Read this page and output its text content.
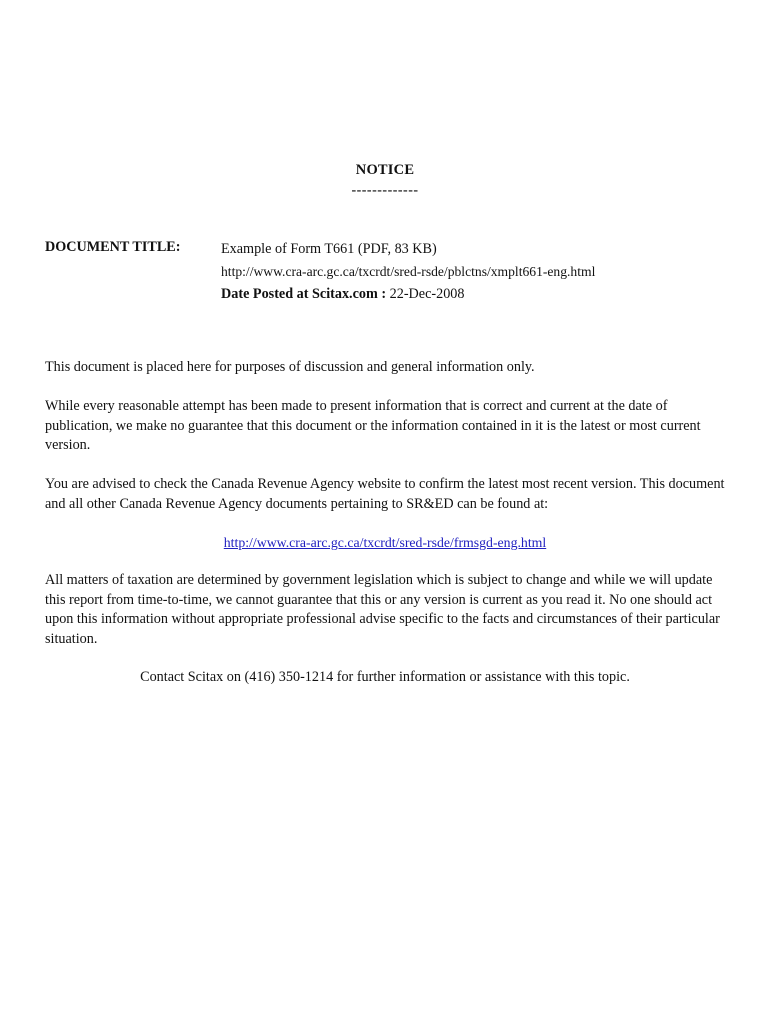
NOTICE
-------------
DOCUMENT TITLE:	Example of Form T661 (PDF, 83 KB)
http://www.cra-arc.gc.ca/txcrdt/sred-rsde/pblctns/xmplt661-eng.html
Date Posted at Scitax.com : 22-Dec-2008

This document is placed here for purposes of discussion and general information only.

While every reasonable attempt has been made to present information that is correct and current at the date of publication, we make no guarantee that this document or the information contained in it is the latest or most current version.

You are advised to check the Canada Revenue Agency website to confirm the latest most recent version. This document and all other Canada Revenue Agency documents pertaining to SR&ED can be found at:

http://www.cra-arc.gc.ca/txcrdt/sred-rsde/frmsgd-eng.html

All matters of taxation are determined by government legislation which is subject to change and while we will update this report from time-to-time, we cannot guarantee that this or any version is current as you read it. No one should act upon this information without appropriate professional advise specific to the facts and circumstances of their particular situation.

Contact Scitax on (416) 350-1214 for further information or assistance with this topic.
